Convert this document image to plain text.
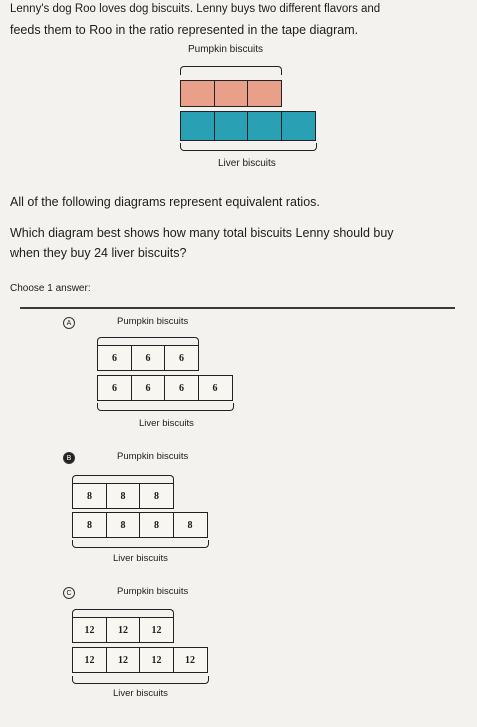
Lenny's dog Roo loves dog biscuits. Lenny buys two different flavors and
feeds them to Roo in the ratio represented in the tape diagram.
Pumpkin biscuits
Liver biscuits
All of the following diagrams represent equivalent ratios.
Which diagram best shows how many total biscuits Lenny should buy
when they buy 24 liver biscuits?
Choose 1 answer:
A	Pumpkin biscuits
6	6	6
6	6	6	6
Liver biscuits
B	Pumpkin biscuits
8	8	8
8	8	8	8
Liver biscuits
C	Pumpkin biscuits
12	12	12
12	12	12	12
Liver biscuits
